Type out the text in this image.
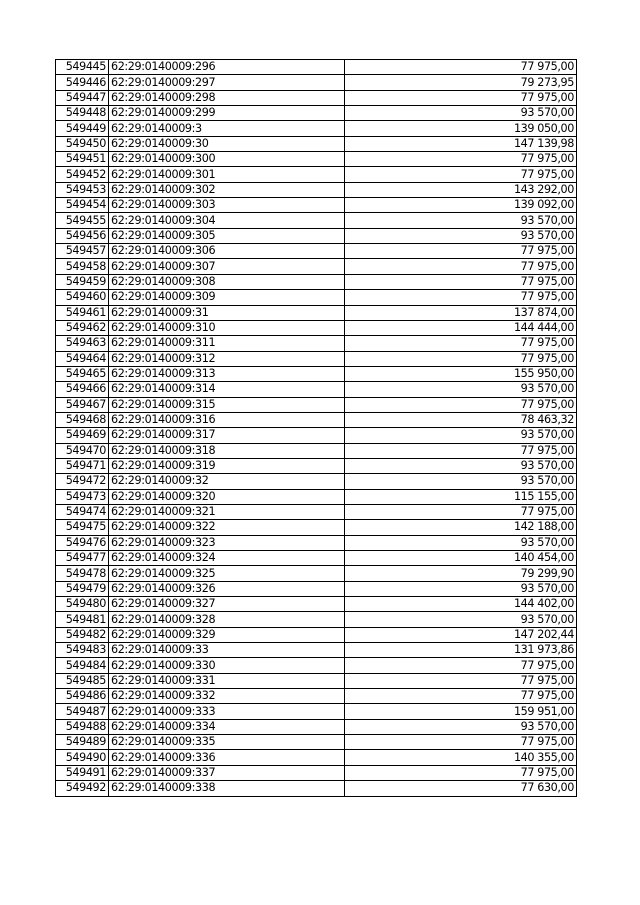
549445	62:29:0140009:296	77 975,00
549446	62:29:0140009:297	79 273,95
549447	62:29:0140009:298	77 975,00
549448	62:29:0140009:299	93 570,00
549449	62:29:0140009:3	139 050,00
549450	62:29:0140009:30	147 139,98
549451	62:29:0140009:300	77 975,00
549452	62:29:0140009:301	77 975,00
549453	62:29:0140009:302	143 292,00
549454	62:29:0140009:303	139 092,00
549455	62:29:0140009:304	93 570,00
549456	62:29:0140009:305	93 570,00
549457	62:29:0140009:306	77 975,00
549458	62:29:0140009:307	77 975,00
549459	62:29:0140009:308	77 975,00
549460	62:29:0140009:309	77 975,00
549461	62:29:0140009:31	137 874,00
549462	62:29:0140009:310	144 444,00
549463	62:29:0140009:311	77 975,00
549464	62:29:0140009:312	77 975,00
549465	62:29:0140009:313	155 950,00
549466	62:29:0140009:314	93 570,00
549467	62:29:0140009:315	77 975,00
549468	62:29:0140009:316	78 463,32
549469	62:29:0140009:317	93 570,00
549470	62:29:0140009:318	77 975,00
549471	62:29:0140009:319	93 570,00
549472	62:29:0140009:32	93 570,00
549473	62:29:0140009:320	115 155,00
549474	62:29:0140009:321	77 975,00
549475	62:29:0140009:322	142 188,00
549476	62:29:0140009:323	93 570,00
549477	62:29:0140009:324	140 454,00
549478	62:29:0140009:325	79 299,90
549479	62:29:0140009:326	93 570,00
549480	62:29:0140009:327	144 402,00
549481	62:29:0140009:328	93 570,00
549482	62:29:0140009:329	147 202,44
549483	62:29:0140009:33	131 973,86
549484	62:29:0140009:330	77 975,00
549485	62:29:0140009:331	77 975,00
549486	62:29:0140009:332	77 975,00
549487	62:29:0140009:333	159 951,00
549488	62:29:0140009:334	93 570,00
549489	62:29:0140009:335	77 975,00
549490	62:29:0140009:336	140 355,00
549491	62:29:0140009:337	77 975,00
549492	62:29:0140009:338	77 630,00
